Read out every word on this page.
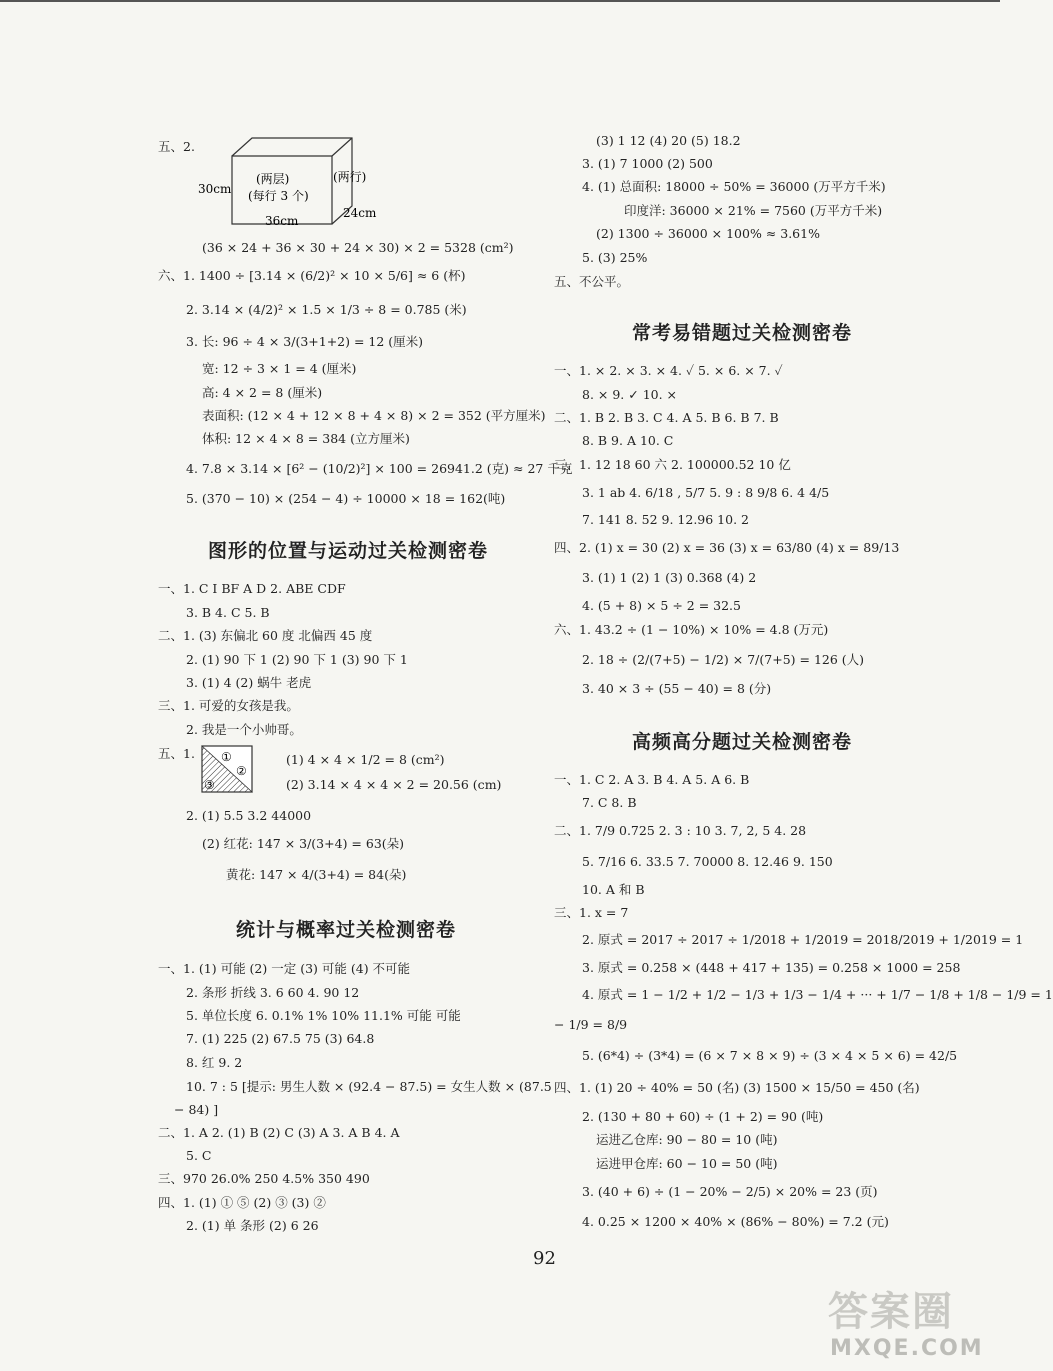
五、2.
(两层)
(每行 3 个)
(两行)
30cm
36cm
24cm
(36 × 24 + 36 × 30 + 24 × 30) × 2 = 5328 (cm²)
六、1. 1400 ÷ [3.14 × (6/2)² × 10 × 5/6] ≈ 6 (杯)
2. 3.14 × (4/2)² × 1.5 × 1/3 ÷ 8 = 0.785 (米)
3. 长: 96 ÷ 4 × 3/(3+1+2) = 12 (厘米)
宽: 12 ÷ 3 × 1 = 4 (厘米)
高: 4 × 2 = 8 (厘米)
表面积: (12 × 4 + 12 × 8 + 4 × 8) × 2 = 352 (平方厘米)
体积: 12 × 4 × 8 = 384 (立方厘米)
4. 7.8 × 3.14 × [6² − (10/2)²] × 100 = 26941.2 (克) ≈ 27 千克
5. (370 − 10) × (254 − 4) ÷ 10000 × 18 = 162(吨)
图形的位置与运动过关检测密卷
一、1. C I BF A D 2. ABE CDF
3. B 4. C 5. B
二、1. (3) 东偏北 60 度 北偏西 45 度
2. (1) 90 下 1 (2) 90 下 1 (3) 90 下 1
3. (1) 4 (2) 蜗牛 老虎
三、1. 可爱的女孩是我。
2. 我是一个小帅哥。
五、1. ①
②
③
(1) 4 × 4 × 1/2 = 8 (cm²)
(2) 3.14 × 4 × 4 × 2 = 20.56 (cm)
2. (1) 5.5 3.2 44000
(2) 红花: 147 × 3/(3+4) = 63(朵)
黄花: 147 × 4/(3+4) = 84(朵)
统计与概率过关检测密卷
一、1. (1) 可能 (2) 一定 (3) 可能 (4) 不可能
2. 条形 折线 3. 6 60 4. 90 12
5. 单位长度 6. 0.1% 1% 10% 11.1% 可能 可能
7. (1) 225 (2) 67.5 75 (3) 64.8
8. 红 9. 2
10. 7 : 5 [提示: 男生人数 × (92.4 − 87.5) = 女生人数 × (87.5
− 84) ]
二、1. A 2. (1) B (2) C (3) A 3. A B 4. A
5. C
三、970 26.0% 250 4.5% 350 490
四、1. (1) ① ⑤ (2) ③ (3) ②
2. (1) 单 条形 (2) 6 26
(3) 1 12 (4) 20 (5) 18.2
3. (1) 7 1000 (2) 500
4. (1) 总面积: 18000 ÷ 50% = 36000 (万平方千米)
印度洋: 36000 × 21% = 7560 (万平方千米)
(2) 1300 ÷ 36000 × 100% ≈ 3.61%
5. (3) 25%
五、不公平。
常考易错题过关检测密卷
一、1. × 2. × 3. × 4. ✓ 5. × 6. × 7. ✓
8. × 9. ✓ 10. ×
二、1. B 2. B 3. C 4. A 5. B 6. B 7. B
8. B 9. A 10. C
三、1. 12 18 60 六 2. 100000.52 10 亿
3. 1 ab 4. 6/18 , 5/7 5. 9 : 8 9/8 6. 4 4/5
7. 141 8. 52 9. 12.96 10. 2
四、2. (1) x = 30 (2) x = 36 (3) x = 63/80 (4) x = 89/13
3. (1) 1 (2) 1 (3) 0.368 (4) 2
4. (5 + 8) × 5 ÷ 2 = 32.5
六、1. 43.2 ÷ (1 − 10%) × 10% = 4.8 (万元)
2. 18 ÷ (2/(7+5) − 1/2) × 7/(7+5) = 126 (人)
3. 40 × 3 ÷ (55 − 40) = 8 (分)
高频高分题过关检测密卷
一、1. C 2. A 3. B 4. A 5. A 6. B
7. C 8. B
二、1. 7/9 0.725 2. 3 : 10 3. 7, 2, 5 4. 28
5. 7/16 6. 33.5 7. 70000 8. 12.46 9. 150
10. A 和 B
三、1. x = 7
2. 原式 = 2017 ÷ 2017 ÷ 1/2018 + 1/2019 = 2018/2019 + 1/2019 = 1
3. 原式 = 0.258 × (448 + 417 + 135) = 0.258 × 1000 = 258
4. 原式 = 1 − 1/2 + 1/2 − 1/3 + 1/3 − 1/4 + ··· + 1/7 − 1/8 + 1/8 − 1/9 = 1
− 1/9 = 8/9
5. (6*4) ÷ (3*4) = (6 × 7 × 8 × 9) ÷ (3 × 4 × 5 × 6) = 42/5
四、1. (1) 20 ÷ 40% = 50 (名) (3) 1500 × 15/50 = 450 (名)
2. (130 + 80 + 60) ÷ (1 + 2) = 90 (吨)
运进乙仓库: 90 − 80 = 10 (吨)
运进甲仓库: 60 − 10 = 50 (吨)
3. (40 + 6) ÷ (1 − 20% − 2/5) × 20% = 23 (页)
4. 0.25 × 1200 × 40% × (86% − 80%) = 7.2 (元)
92
答案圈
MXQE.COM
